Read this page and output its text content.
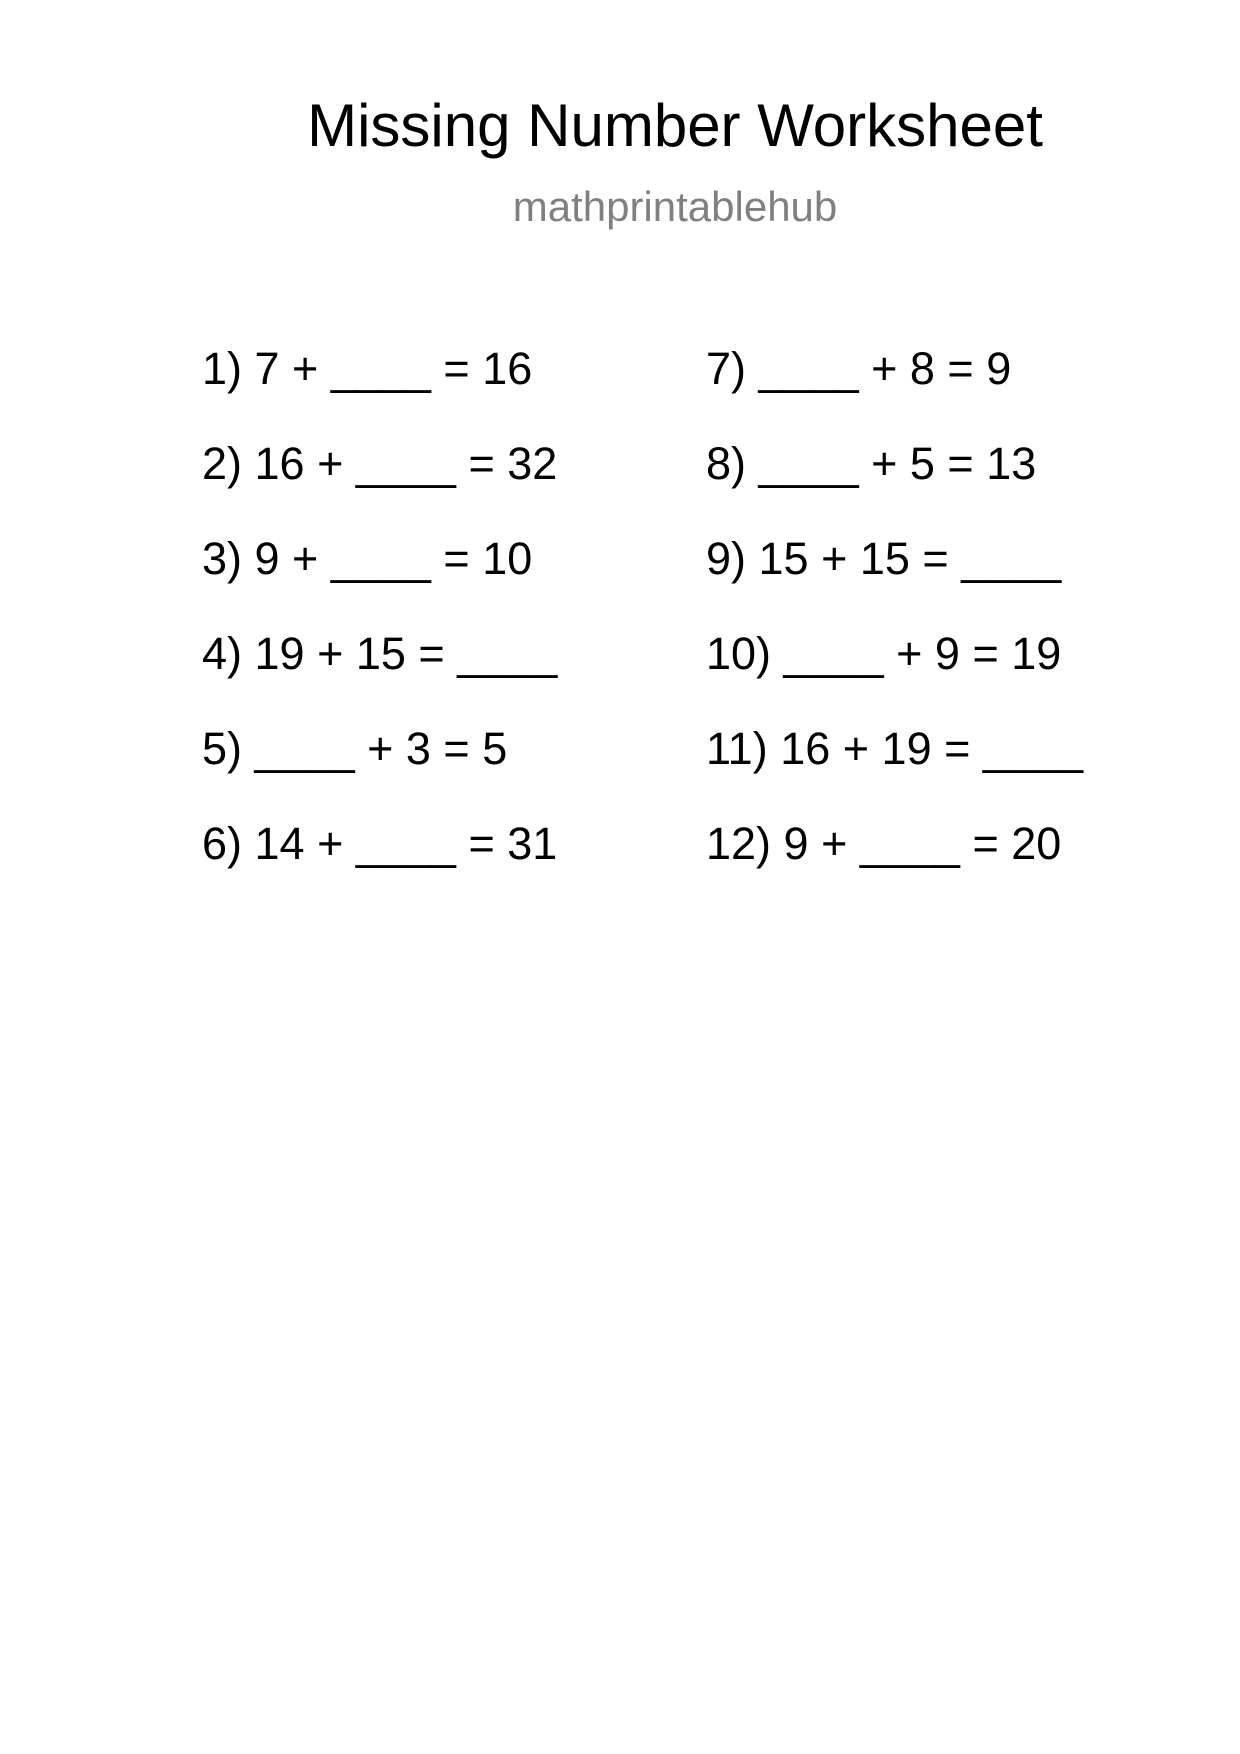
Missing Number Worksheet
mathprintablehub
1) 7 + ____ = 16
2) 16 + ____ = 32
3) 9 + ____ = 10
4) 19 + 15 = ____
5) ____ + 3 = 5
6) 14 + ____ = 31
7) ____ + 8 = 9
8) ____ + 5 = 13
9) 15 + 15 = ____
10) ____ + 9 = 19
11) 16 + 19 = ____
12) 9 + ____ = 20
